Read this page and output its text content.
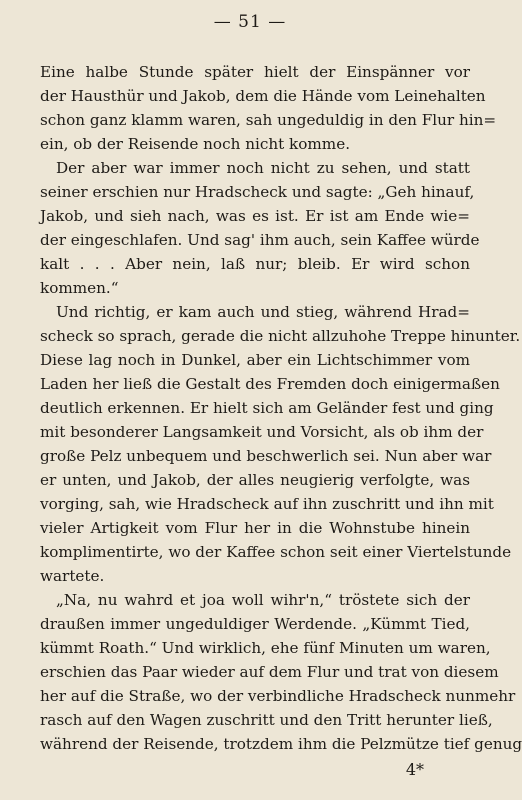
— 51 —
Eine halbe Stunde später hielt der Einspänner vor
der Hausthür und Jakob, dem die Hände vom Leinehalten
schon ganz klamm waren, sah ungeduldig in den Flur hin=
ein, ob der Reisende noch nicht komme.
Der aber war immer noch nicht zu sehen, und statt
seiner erschien nur Hradscheck und sagte: „Geh hinauf,
Jakob, und sieh nach, was es ist. Er ist am Ende wie=
der eingeschlafen. Und sag' ihm auch, sein Kaffee würde
kalt . . . Aber nein, laß nur; bleib. Er wird schon
kommen.“
Und richtig, er kam auch und stieg, während Hrad=
scheck so sprach, gerade die nicht allzuhohe Treppe hinunter.
Diese lag noch in Dunkel, aber ein Lichtschimmer vom
Laden her ließ die Gestalt des Fremden doch einigermaßen
deutlich erkennen. Er hielt sich am Geländer fest und ging
mit besonderer Langsamkeit und Vorsicht, als ob ihm der
große Pelz unbequem und beschwerlich sei. Nun aber war
er unten, und Jakob, der alles neugierig verfolgte, was
vorging, sah, wie Hradscheck auf ihn zuschritt und ihn mit
vieler Artigkeit vom Flur her in die Wohnstube hinein
komplimentirte, wo der Kaffee schon seit einer Viertelstunde
wartete.
„Na, nu wahrd et joa woll wihr'n,“ tröstete sich der
draußen immer ungeduldiger Werdende. „Kümmt Tied,
kümmt Roath.“ Und wirklich, ehe fünf Minuten um waren,
erschien das Paar wieder auf dem Flur und trat von diesem
her auf die Straße, wo der verbindliche Hradscheck nunmehr
rasch auf den Wagen zuschritt und den Tritt herunter ließ,
während der Reisende, trotzdem ihm die Pelzmütze tief genug
4*
